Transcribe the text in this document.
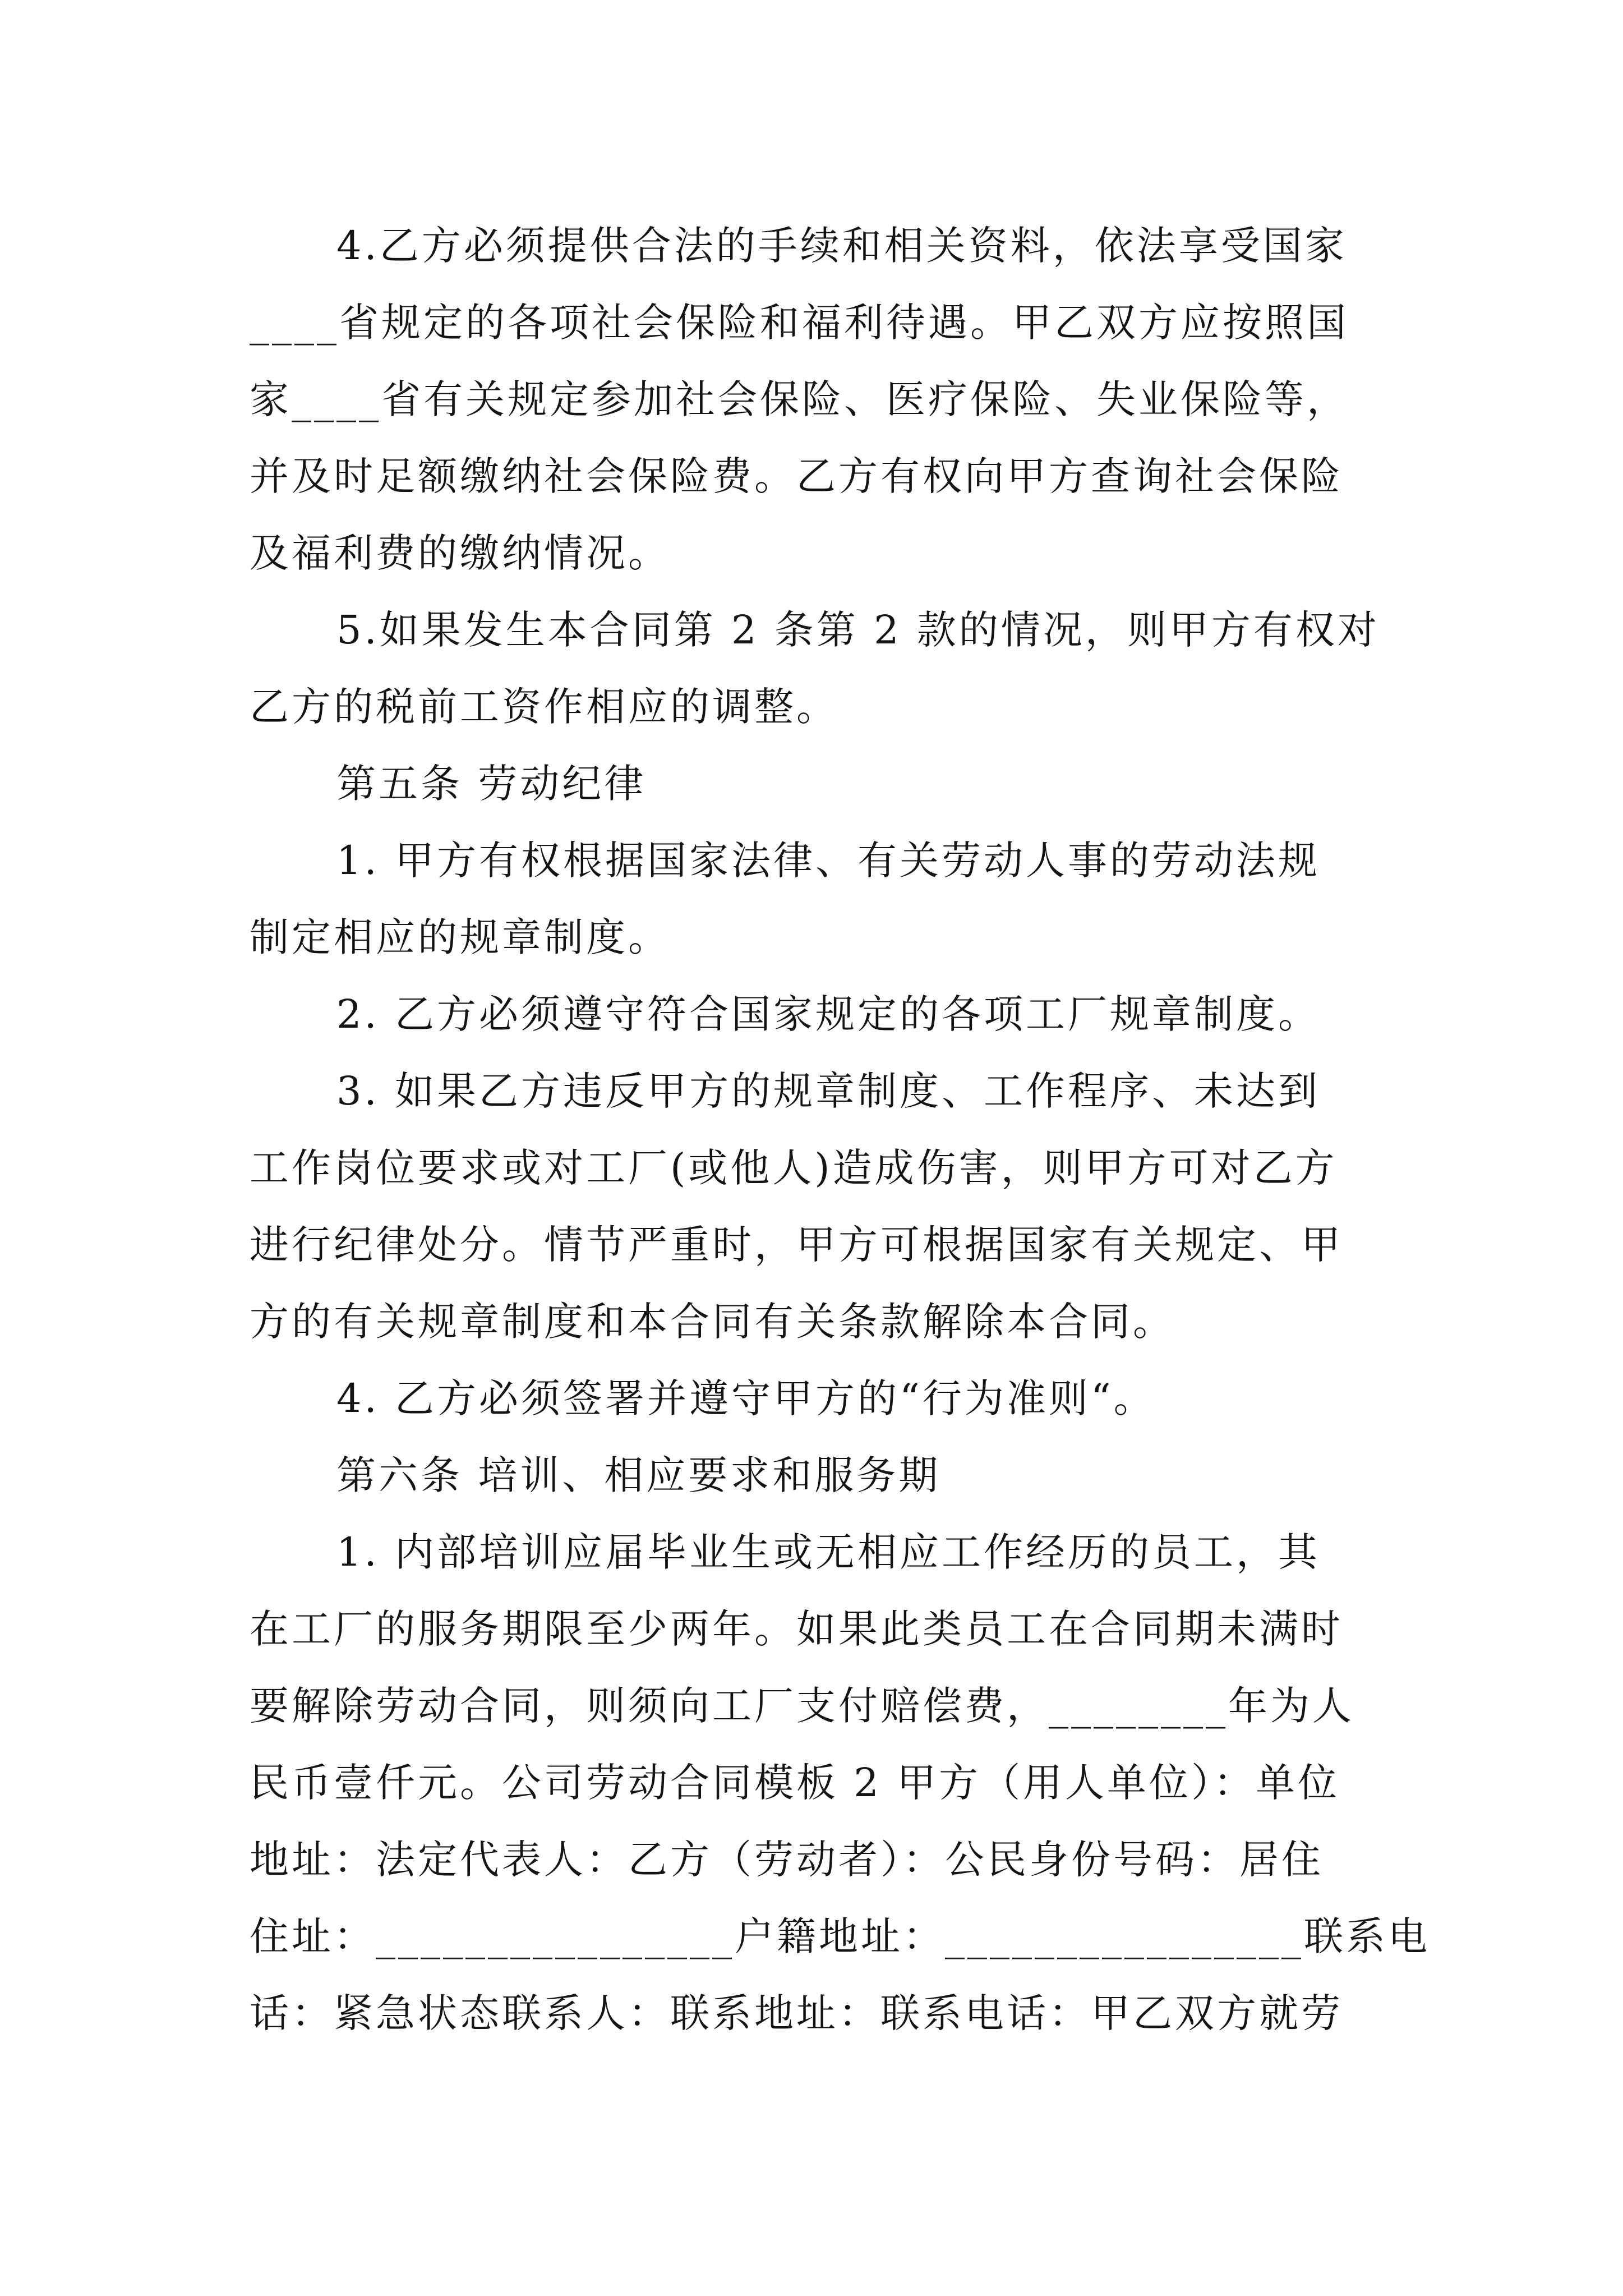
4.乙方必须提供合法的手续和相关资料，依法享受国家
____省规定的各项社会保险和福利待遇。甲乙双方应按照国
家____省有关规定参加社会保险、医疗保险、失业保险等，
并及时足额缴纳社会保险费。乙方有权向甲方查询社会保险
及福利费的缴纳情况。
5.如果发生本合同第 2 条第 2 款的情况，则甲方有权对
乙方的税前工资作相应的调整。
第五条 劳动纪律
1. 甲方有权根据国家法律、有关劳动人事的劳动法规
制定相应的规章制度。
2. 乙方必须遵守符合国家规定的各项工厂规章制度。
3. 如果乙方违反甲方的规章制度、工作程序、未达到
工作岗位要求或对工厂(或他人)造成伤害，则甲方可对乙方
进行纪律处分。情节严重时，甲方可根据国家有关规定、甲
方的有关规章制度和本合同有关条款解除本合同。
4. 乙方必须签署并遵守甲方的“行为准则“。
第六条 培训、相应要求和服务期
1. 内部培训应届毕业生或无相应工作经历的员工，其
在工厂的服务期限至少两年。如果此类员工在合同期未满时
要解除劳动合同，则须向工厂支付赔偿费，________年为人
民币壹仟元。公司劳动合同模板 2 甲方（用人单位）：单位
地址：法定代表人：乙方（劳动者）：公民身份号码：居住
住址：________________户籍地址：________________联系电
话：紧急状态联系人：联系地址：联系电话：甲乙双方就劳
